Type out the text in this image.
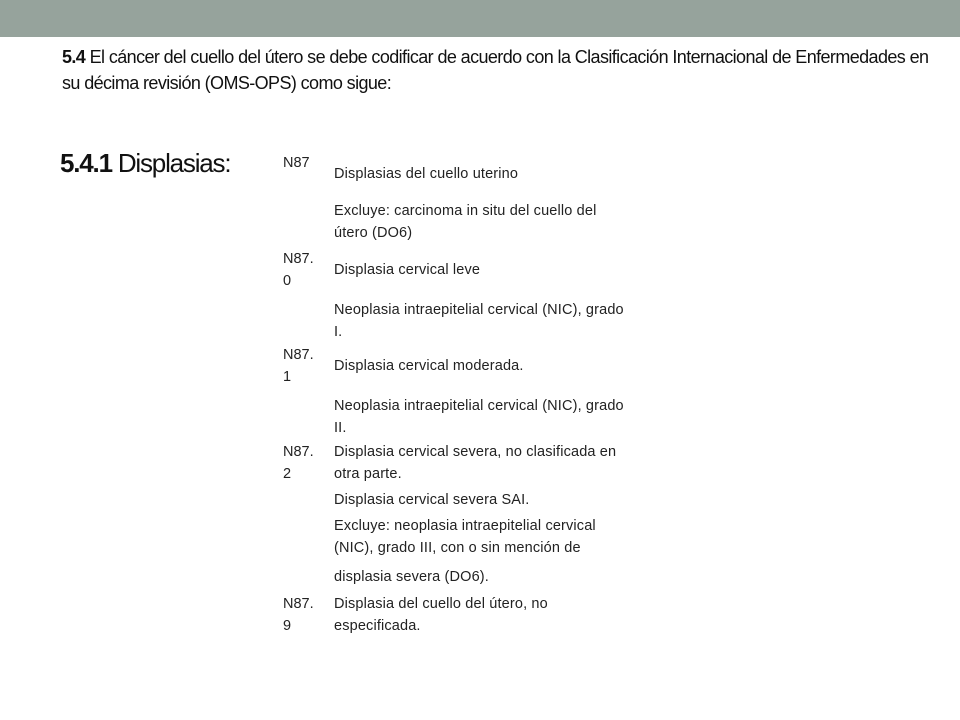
5.4 El cáncer del cuello del útero se debe codificar de acuerdo con la Clasificación Internacional de Enfermedades en su décima revisión (OMS-OPS) como sigue:
5.4.1 Displasias:	N87
Displasias del cuello uterino
Excluye: carcinoma in situ del cuello del
útero (DO6)
N87.
0
Displasia cervical leve
Neoplasia intraepitelial cervical (NIC), grado
I.
N87.
1
Displasia cervical moderada.
Neoplasia intraepitelial cervical (NIC), grado
II.
N87.
2
Displasia cervical severa, no clasificada en
otra parte.
Displasia cervical severa SAI.
Excluye: neoplasia intraepitelial cervical
(NIC), grado III, con o sin mención de
displasia severa (DO6).
N87.
9
Displasia del cuello del útero, no
especificada.
